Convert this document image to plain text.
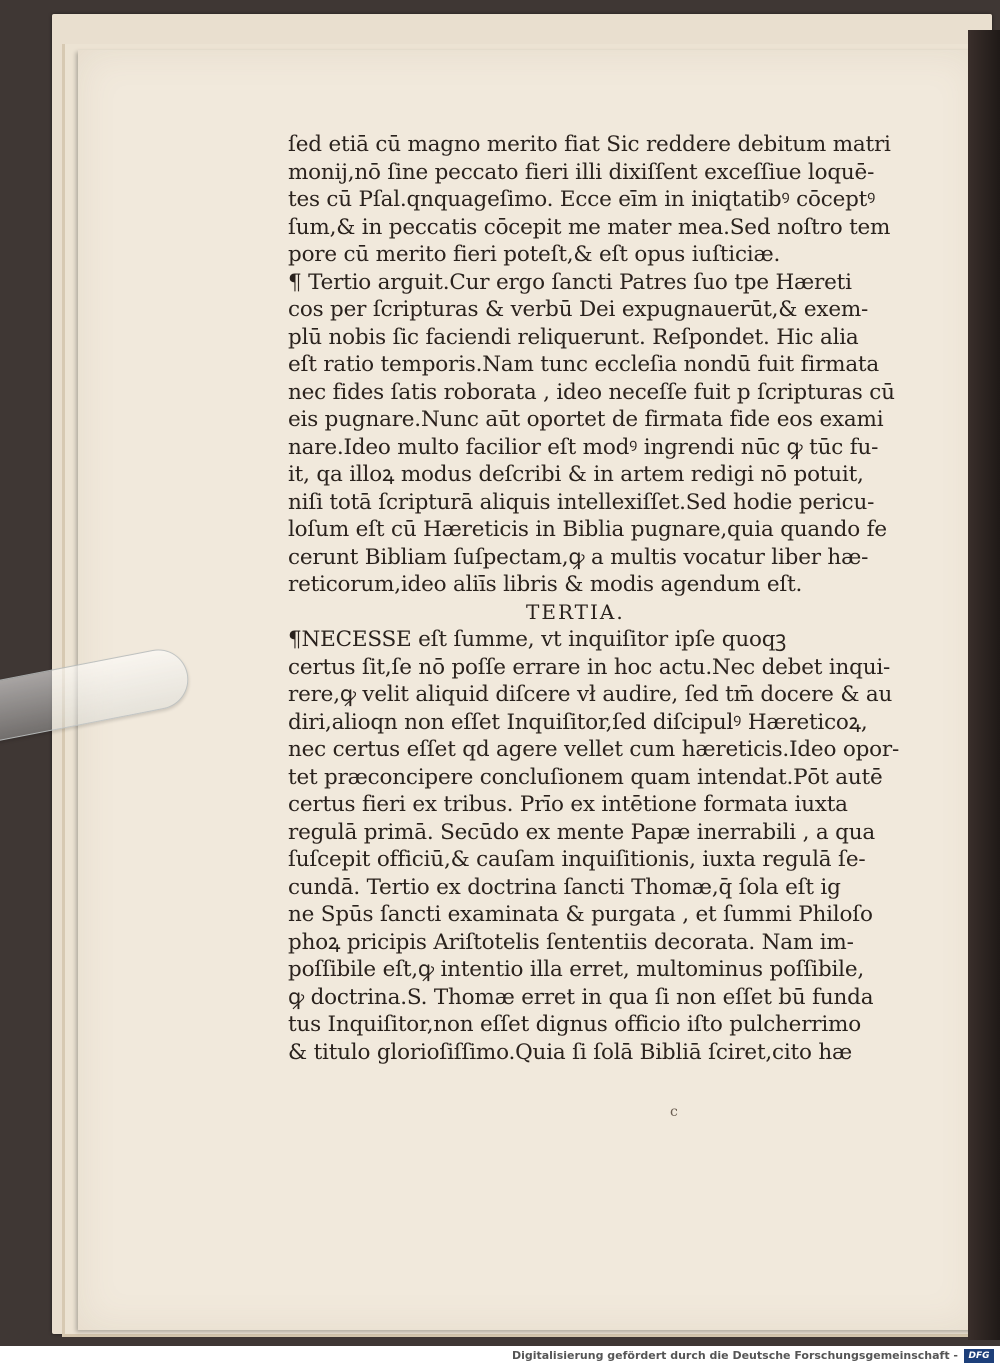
ſed etiā cū magno merito fiat Sic reddere debitum matri
monij,nō ſine peccato fieri illi dixiſſent exceſſiue loquē-
tes cū Pſal.qnquageſimo. Ecce eīm in iniqtatibꝰ cōceptꝰ
ſum,& in peccatis cōcepit me mater mea.Sed noſtro tem
pore cū merito fieri poteſt,& eſt opus iuſticiæ.
¶ Tertio arguit.Cur ergo ſancti Patres ſuo tpe Hæreti
cos per ſcripturas & verbū Dei expugnauerūt,& exem-
plū nobis ſic faciendi reliquerunt. Reſpondet. Hic alia
eſt ratio temporis.Nam tunc eccleſia nondū fuit firmata
nec fides ſatis roborata , ideo neceſſe fuit p ſcripturas cū
eis pugnare.Nunc aūt oportet de firmata fide eos exami
nare.Ideo multo facilior eſt modꝰ ingrendi nūc ꝙ tūc fu-
it, qa illoꝝ modus deſcribi & in artem redigi nō potuit,
niſi totā ſcripturā aliquis intellexiſſet.Sed hodie pericu-
loſum eſt cū Hæreticis in Biblia pugnare,quia quando fe
cerunt Bibliam ſuſpectam,ꝙ a multis vocatur liber hæ-
reticorum,ideo aliīs libris & modis agendum eſt.
TERTIA.
¶NECESSE eſt ſumme, vt inquiſitor ipſe quoqꝫ
certus ſit,ſe nō poſſe errare in hoc actu.Nec debet inqui-
rere,ꝙ velit aliquid diſcere vł audire, ſed tm̄ docere & au
diri,alioqn non eſſet Inquiſitor,ſed diſcipulꝰ Hæreticoꝝ,
nec certus eſſet qd agere vellet cum hæreticis.Ideo opor-
tet præconcipere concluſionem quam intendat.Pōt autē
certus fieri ex tribus. Prīo ex intētione formata iuxta
regulā primā. Secūdo ex mente Papæ inerrabili , a qua
ſuſcepit officiū,& cauſam inquiſitionis, iuxta regulā ſe-
cundā. Tertio ex doctrina ſancti Thomæ,q̄ ſola eſt ig
ne Spūs ſancti examinata & purgata , et ſummi Philoſo
phoꝝ pricipis Ariſtotelis ſententiis decorata. Nam im-
poſſibile eſt,ꝙ intentio illa erret, multominus poſſibile,
ꝙ doctrina.S. Thomæ erret in qua ſi non eſſet bū funda
tus Inquiſitor,non eſſet dignus officio iſto pulcherrimo
& titulo glorioſiſſimo.Quia ſi ſolā Bibliā ſciret,cito hæ
c
Digitalisierung gefördert durch die Deutsche Forschungsgemeinschaft -	DFG
